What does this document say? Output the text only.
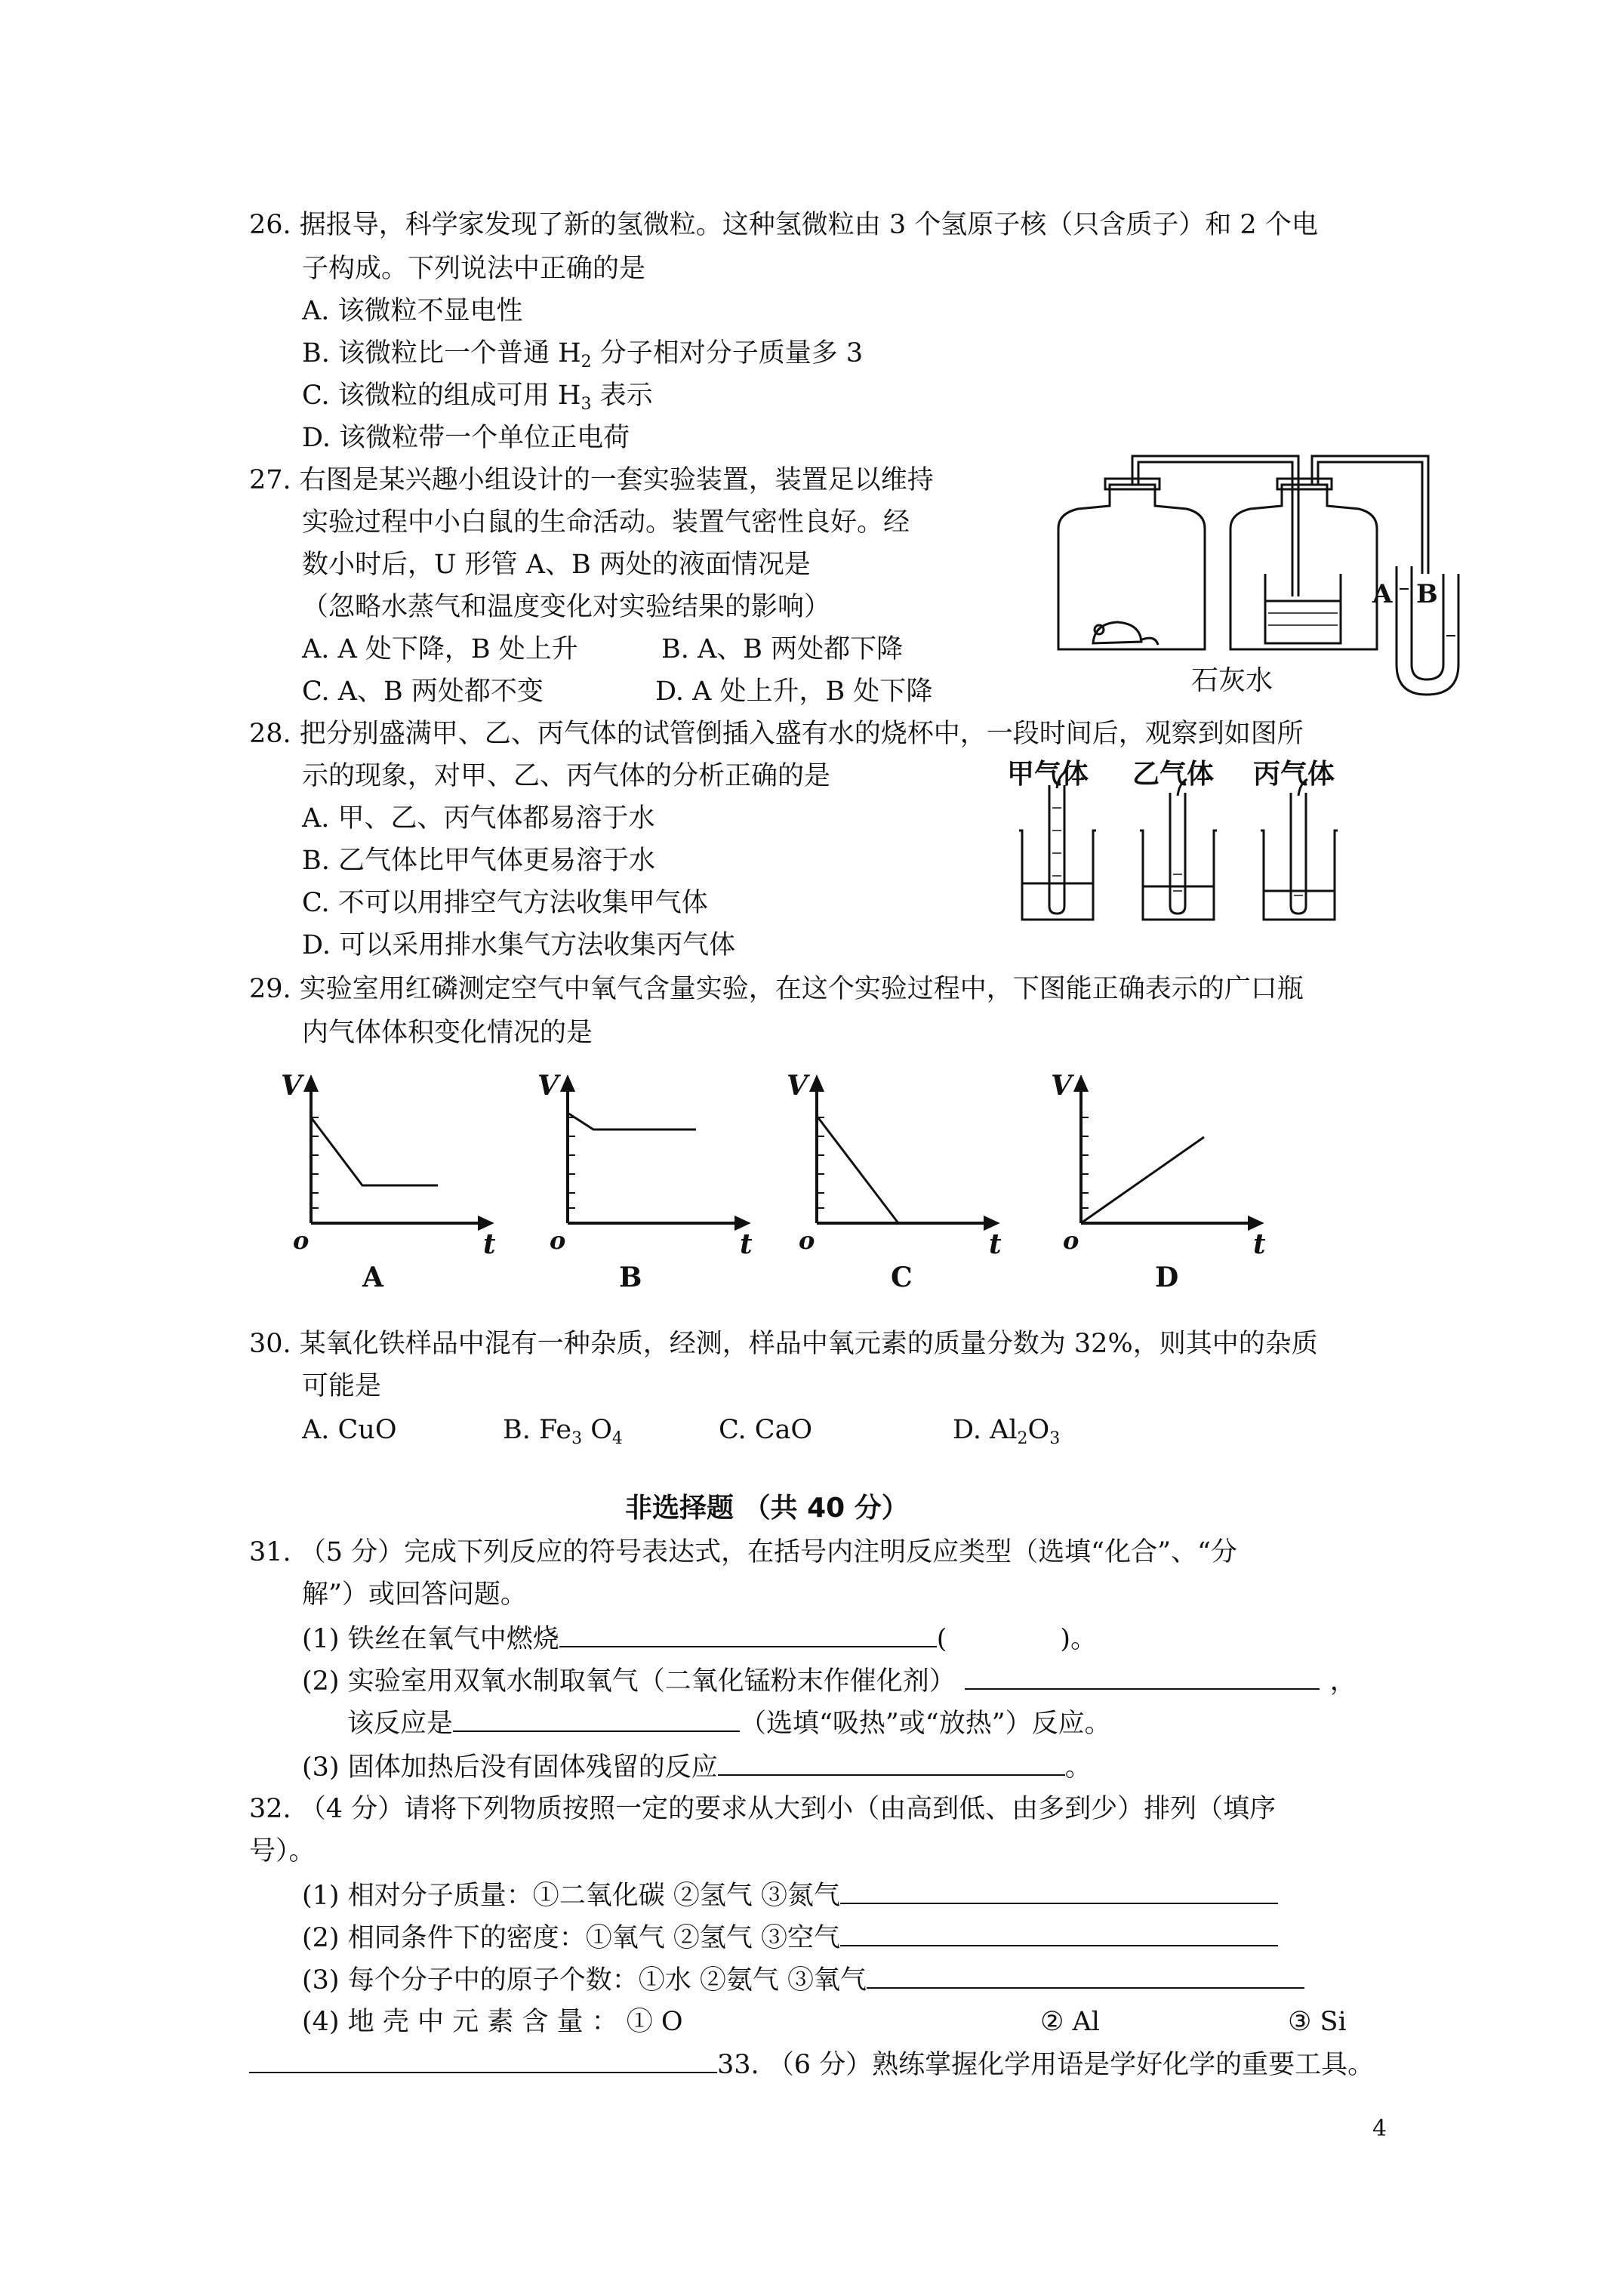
26. 据报导，科学家发现了新的氢微粒。这种氢微粒由 3 个氢原子核（只含质子）和 2 个电
子构成。下列说法中正确的是
A. 该微粒不显电性
B. 该微粒比一个普通 $H_2$ 分子相对分子质量多 3
C. 该微粒的组成可用 $H_3$ 表示
D. 该微粒带一个单位正电荷
27. 右图是某兴趣小组设计的一套实验装置，装置足以维持
实验过程中小白鼠的生命活动。装置气密性良好。经
数小时后，U 形管 A、B 两处的液面情况是
（忽略水蒸气和温度变化对实验结果的影响）
A. A 处下降，B 处上升	B. A、B 两处都下降
C. A、B 两处都不变	D. A 处上升，B 处下降
A B
石灰水
28. 把分别盛满甲、乙、丙气体的试管倒插入盛有水的烧杯中，一段时间后，观察到如图所
示的现象，对甲、乙、丙气体的分析正确的是
A. 甲、乙、丙气体都易溶于水
B. 乙气体比甲气体更易溶于水
C. 不可以用排空气方法收集甲气体
D. 可以采用排水集气方法收集丙气体
甲气体 乙气体 丙气体
29. 实验室用红磷测定空气中氧气含量实验，在这个实验过程中，下图能正确表示的广口瓶
内气体体积变化情况的是
V
t
o
A
V
t
o
B
V
t
o
C
V
t
o
D
30. 某氧化铁样品中混有一种杂质，经测，样品中氧元素的质量分数为 32%，则其中的杂质
可能是
A. CuO	B. $Fe_3$ $O_4$	C. CaO	D. $Al_2O_3$
非选择题 （共 40 分）
31. （5 分）完成下列反应的符号表达式，在括号内注明反应类型（选填“化合”、“分
解”）或回答问题。
(1) 铁丝在氧气中燃烧	(	)。
(2) 实验室用双氧水制取氧气（二氧化锰粉末作催化剂）	，
该反应是	（选填“吸热”或“放热”）反应。
(3) 固体加热后没有固体残留的反应	。
32. （4 分）请将下列物质按照一定的要求从大到小（由高到低、由多到少）排列（填序
号）。
(1) 相对分子质量：①二氧化碳 ②氢气 ③氮气
(2) 相同条件下的密度：①氧气 ②氢气 ③空气
(3) 每个分子中的原子个数：①水 ②氨气 ③氧气
(4) 地 壳 中 元 素 含 量 ： ① O	② Al	③ Si
33. （6 分）熟练掌握化学用语是学好化学的重要工具。
4
